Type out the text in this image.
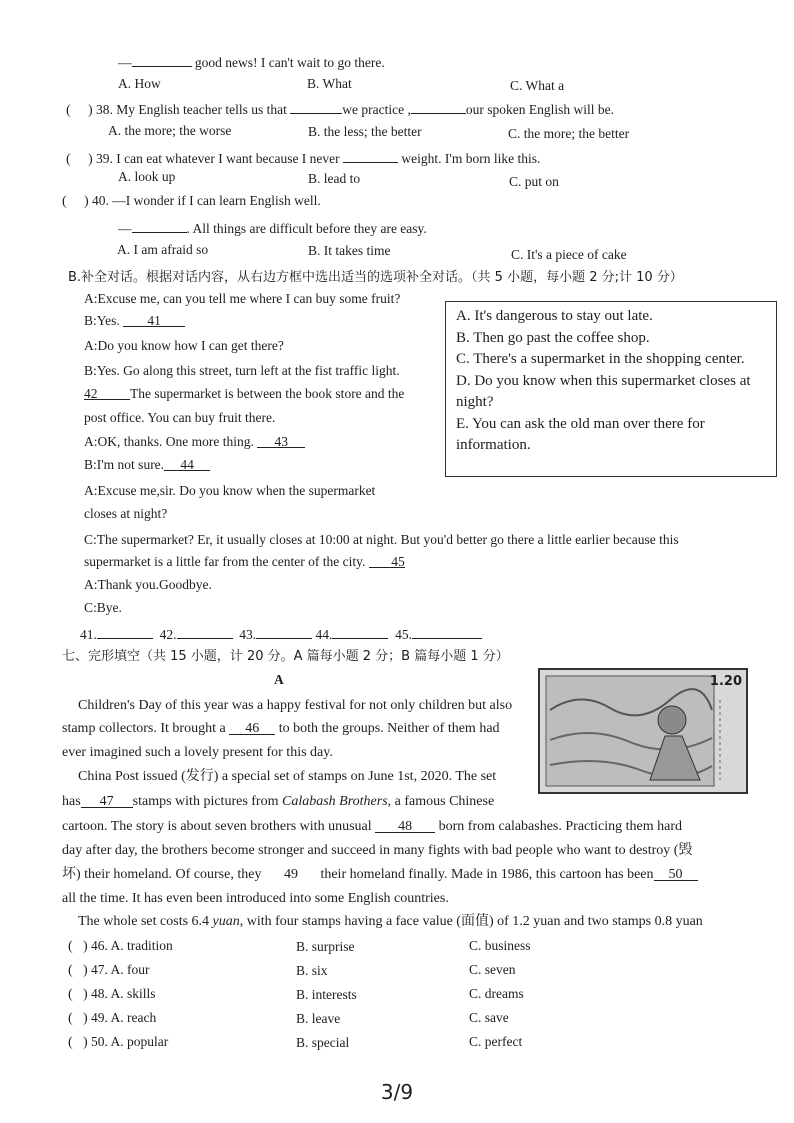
—	good news! I can't wait to go there.
A. How	B. What	C. What a
(     ) 38. My English teacher tells us that	we practice ,	our spoken English will be.
A. the more; the worse	B. the less; the better	C. the more; the better
(     ) 39. I can eat whatever I want because I never	weight. I'm born like this.
A. look up	B. lead to	C. put on
(     ) 40. —I wonder if I can learn English well.
—	. All things are difficult before they are easy.
A. I am afraid so	B. It takes time	C. It's a piece of cake
B.补全对话。根据对话内容，从右边方框中选出适当的选项补全对话。（共 5 小题，每小题 2 分;计 10 分）
A:Excuse me, can you tell me where I can buy some fruit?
B:Yes. 41
A:Do you know how I can get there?
B:Yes. Go along this street, turn left at the fist traffic light.
42 The supermarket is between the book store and the
post office. You can buy fruit there.
A:OK, thanks. One more thing. 43
B:I'm not sure. 44
A:Excuse me,sir. Do you know when the supermarket
closes at night?
C:The supermarket? Er, it usually closes at 10:00 at night. But you'd better go there a little earlier because this
supermarket is a little far from the center of the city. 45
A:Thank you.Goodbye.
C:Bye.
41.	42.	43.	44.	45.
A. It's dangerous to stay out late.
B. Then go past the coffee shop.
C. There's a supermarket in the shopping center.
D. Do you know when this supermarket closes at night?
E. You can ask the old man over there for information.
七、完形填空（共 15 小题，计 20 分。A 篇每小题 2 分；B 篇每小题 1 分）
A	1.20
Children's Day of this year was a happy festival for not only children but also
stamp collectors. It brought a 46 to both the groups. Neither of them had
ever imagined such a lovely present for this day.
China Post issued (发行) a special set of stamps on June 1st, 2020. The set
has 47 stamps with pictures from Calabash Brothers, a famous Chinese
cartoon. The story is about seven brothers with unusual 48 born from calabashes. Practicing them hard
day after day, the brothers become stronger and succeed in many fights with bad people who want to destroy (毁
坏) their homeland. Of course, they 49 their homeland finally. Made in 1986, this cartoon has been 50
all the time. It has even been introduced into some English countries.
The whole set costs 6.4 yuan, with four stamps having a face value (面值) of 1.2 yuan and two stamps 0.8 yuan
(   ) 46. A. tradition	B. surprise	C. business
(   ) 47. A. four	B. six	C. seven
(   ) 48. A. skills	B. interests	C. dreams
(   ) 49. A. reach	B. leave	C. save
(   ) 50. A. popular	B. special	C. perfect
3/9
